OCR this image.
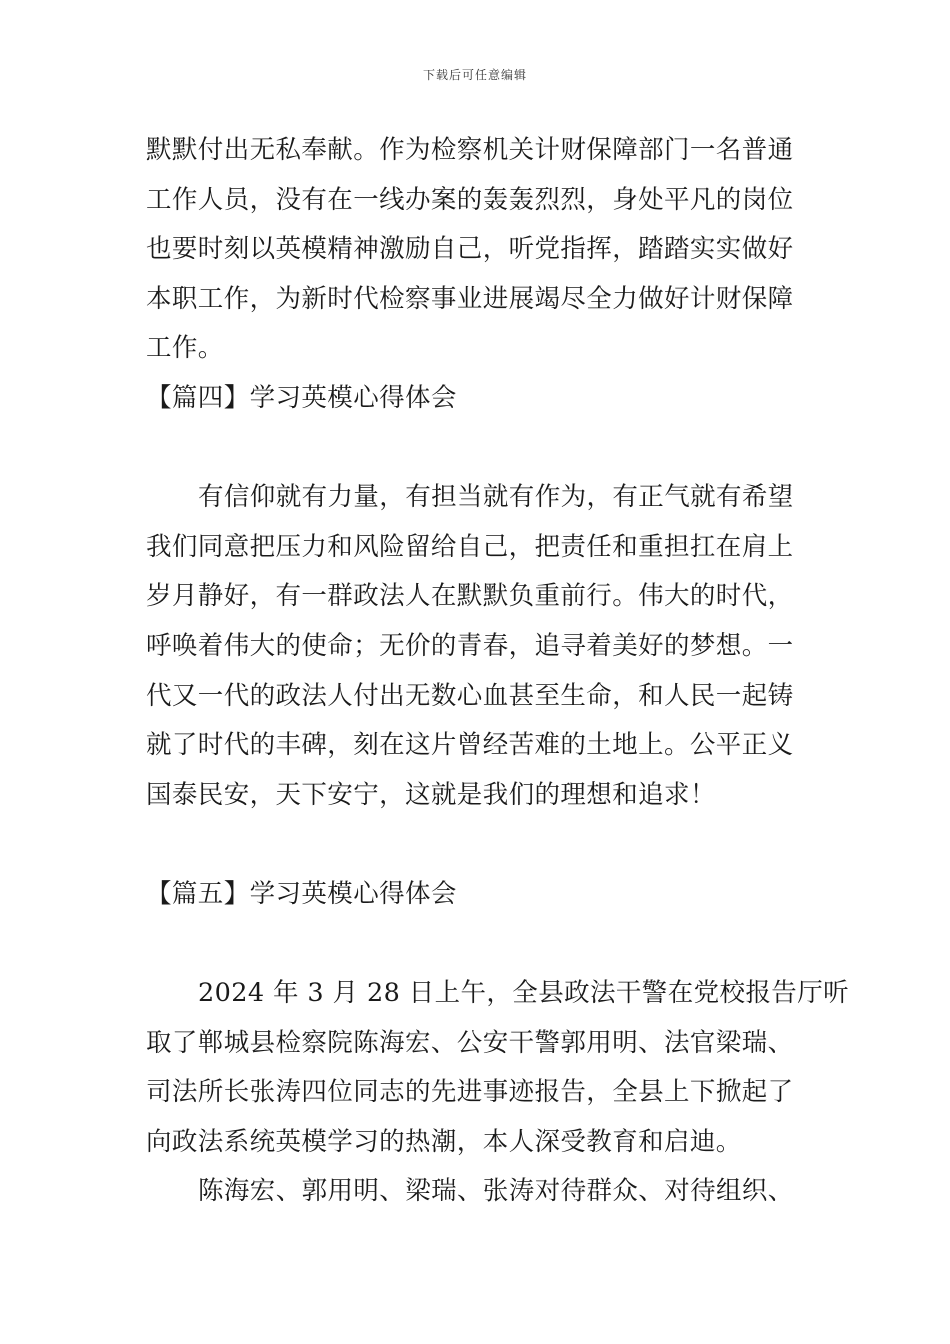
下载后可任意编辑
默默付出无私奉献。作为检察机关计财保障部门一名普通
工作人员，没有在一线办案的轰轰烈烈，身处平凡的岗位
也要时刻以英模精神激励自己，听党指挥，踏踏实实做好
本职工作，为新时代检察事业进展竭尽全力做好计财保障
工作。
【篇四】学习英模心得体会
有信仰就有力量，有担当就有作为，有正气就有希望
我们同意把压力和风险留给自己，把责任和重担扛在肩上
岁月静好，有一群政法人在默默负重前行。伟大的时代，
呼唤着伟大的使命；无价的青春，追寻着美好的梦想。一
代又一代的政法人付出无数心血甚至生命，和人民一起铸
就了时代的丰碑，刻在这片曾经苦难的土地上。公平正义
国泰民安，天下安宁，这就是我们的理想和追求！
【篇五】学习英模心得体会
2024 年 3 月 28 日上午，全县政法干警在党校报告厅听
取了郸城县检察院陈海宏、公安干警郭用明、法官梁瑞、
司法所长张涛四位同志的先进事迹报告，全县上下掀起了
向政法系统英模学习的热潮，本人深受教育和启迪。
陈海宏、郭用明、梁瑞、张涛对待群众、对待组织、
